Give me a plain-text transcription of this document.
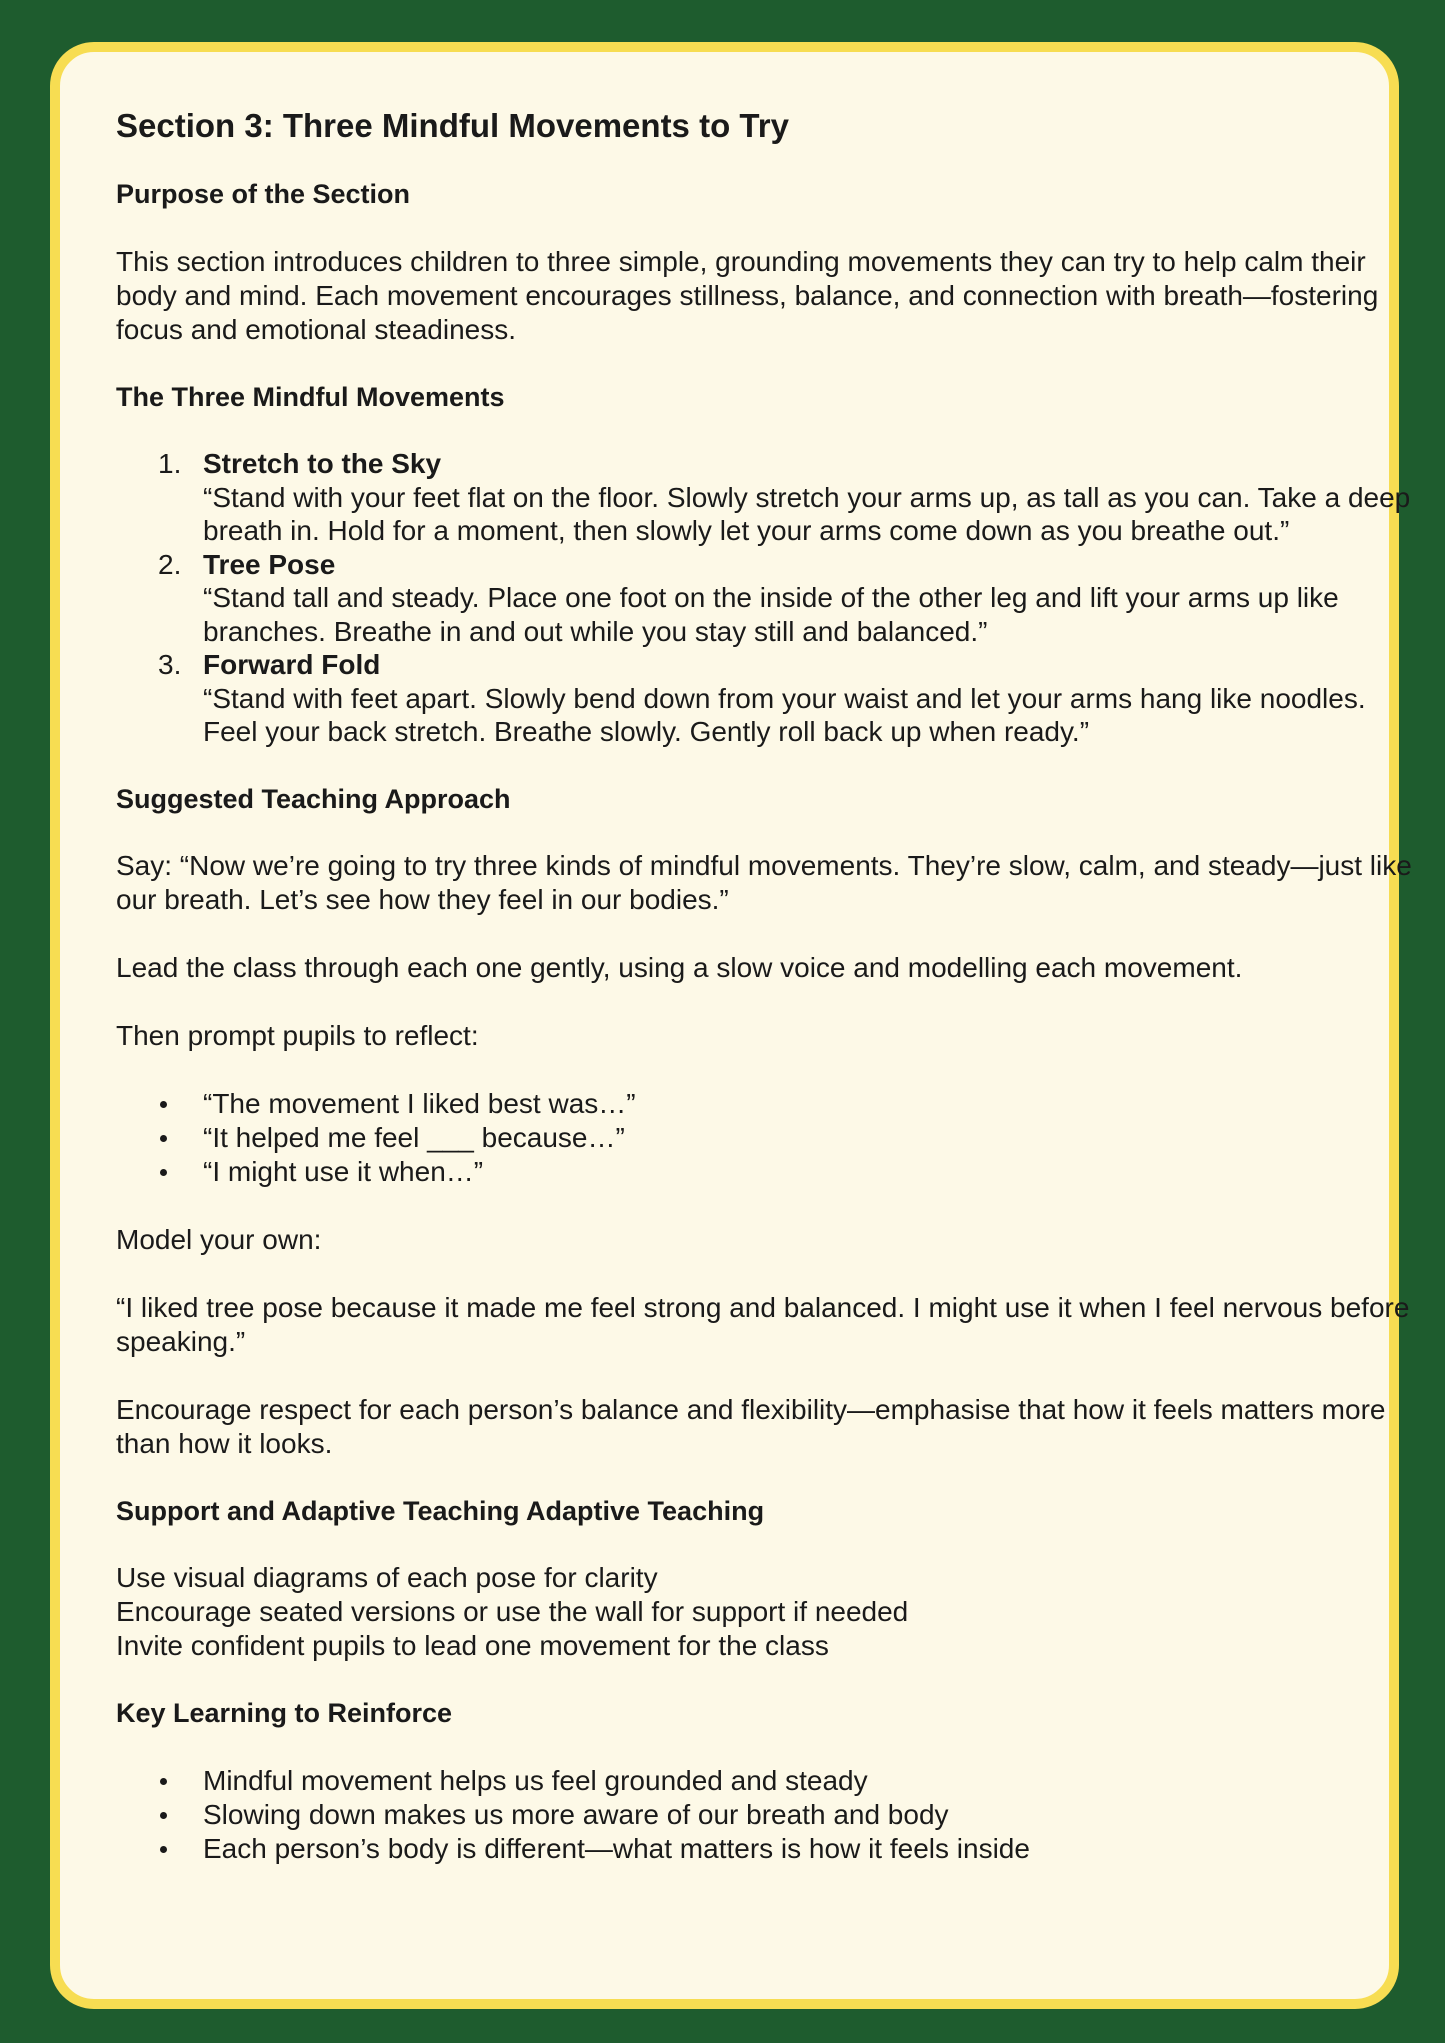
Section 3: Three Mindful Movements to Try
Purpose of the Section

This section introduces children to three simple, grounding movements they can try to help calm their body and mind. Each movement encourages stillness, balance, and connection with breath—fostering focus and emotional steadiness.

The Three Mindful Movements
1. Stretch to the Sky
“Stand with your feet flat on the floor. Slowly stretch your arms up, as tall as you can. Take a deep breath in. Hold for a moment, then slowly let your arms come down as you breathe out.”
2. Tree Pose
“Stand tall and steady. Place one foot on the inside of the other leg and lift your arms up like branches. Breathe in and out while you stay still and balanced.”
3. Forward Fold
“Stand with feet apart. Slowly bend down from your waist and let your arms hang like noodles. Feel your back stretch. Breathe slowly. Gently roll back up when ready.”
Suggested Teaching Approach

Say: “Now we’re going to try three kinds of mindful movements. They’re slow, calm, and steady—just like our breath. Let’s see how they feel in our bodies.”

Lead the class through each one gently, using a slow voice and modelling each movement.

Then prompt pupils to reflect:

“The movement I liked best was…”
“It helped me feel ___ because…”
“I might use it when…”

Model your own:

“I liked tree pose because it made me feel strong and balanced. I might use it when I feel nervous before speaking.”

Encourage respect for each person’s balance and flexibility—emphasise that how it feels matters more than how it looks.

Support and Adaptive Teaching Adaptive Teaching
Use visual diagrams of each pose for clarity
Encourage seated versions or use the wall for support if needed
Invite confident pupils to lead one movement for the class
Key Learning to Reinforce
Mindful movement helps us feel grounded and steady
Slowing down makes us more aware of our breath and body
Each person’s body is different—what matters is how it feels inside
